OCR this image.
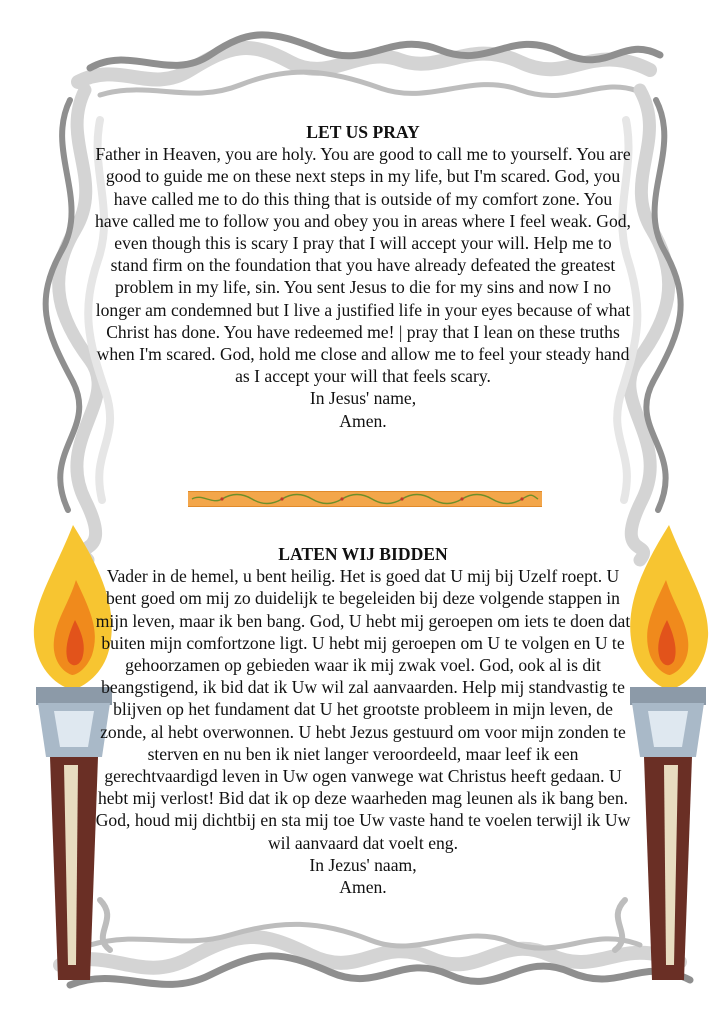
LET US PRAY

Father in Heaven, you are holy. You are good to call me to yourself. You are good to guide me on these next steps in my life, but I'm scared. God, you have called me to do this thing that is outside of my comfort zone. You have called me to follow you and obey you in areas where I feel weak. God, even though this is scary I pray that I will accept your will. Help me to stand firm on the foundation that you have already defeated the greatest problem in my life, sin. You sent Jesus to die for my sins and now I no longer am condemned but I live a justified life in your eyes because of what Christ has done. You have redeemed me! | pray that I lean on these truths when I'm scared. God, hold me close and allow me to feel your steady hand as I accept your will that feels scary.

In Jesus' name,
Amen.
LATEN WIJ BIDDEN

Vader in de hemel, u bent heilig. Het is goed dat U mij bij Uzelf roept. U bent goed om mij zo duidelijk te begeleiden bij deze volgende stappen in mijn leven, maar ik ben bang. God, U hebt mij geroepen om iets te doen dat buiten mijn comfortzone ligt. U hebt mij geroepen om U te volgen en U te gehoorzamen op gebieden waar ik mij zwak voel. God, ook al is dit beangstigend, ik bid dat ik Uw wil zal aanvaarden. Help mij standvastig te blijven op het fundament dat U het grootste probleem in mijn leven, de zonde, al hebt overwonnen. U hebt Jezus gestuurd om voor mijn zonden te sterven en nu ben ik niet langer veroordeeld, maar leef ik een gerechtvaardigd leven in Uw ogen vanwege wat Christus heeft gedaan. U hebt mij verlost! Bid dat ik op deze waarheden mag leunen als ik bang ben. God, houd mij dichtbij en sta mij toe Uw vaste hand te voelen terwijl ik Uw wil aanvaard dat voelt eng.

In Jezus' naam,
Amen.
